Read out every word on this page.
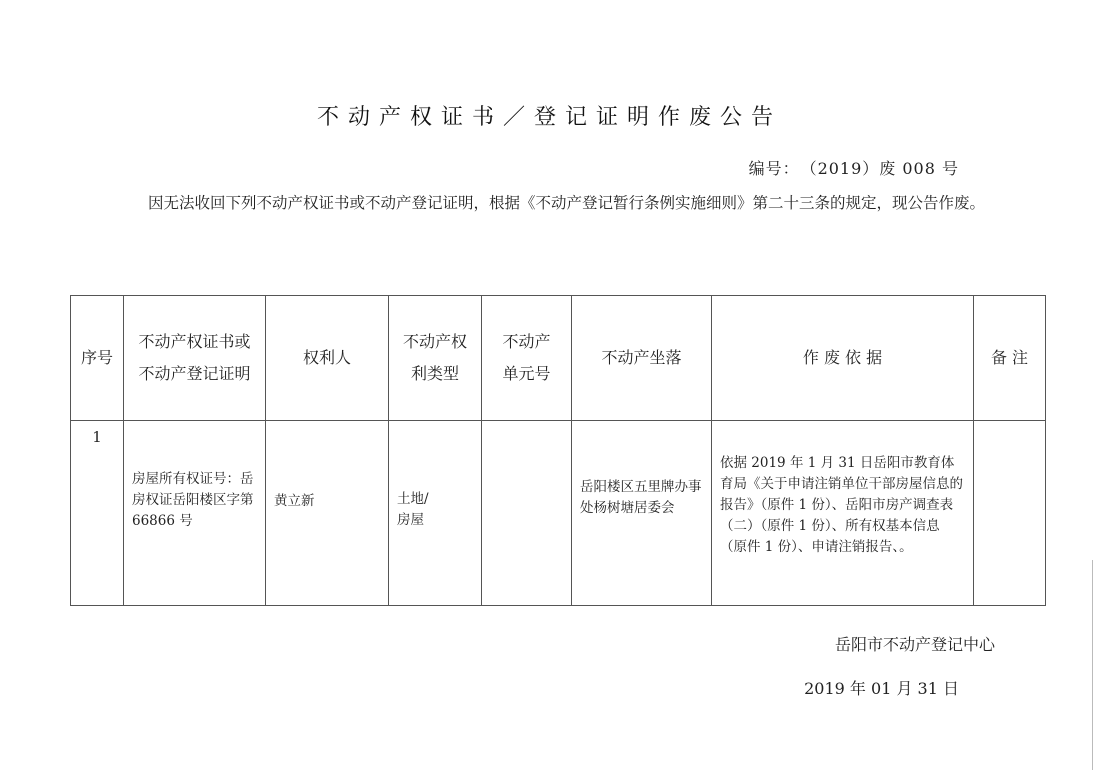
不动产权证书／登记证明作废公告
编号：　（2019）废 008 号

因无法收回下列不动产权证书或不动产登记证明，根据《不动产登记暂行条例实施细则》第二十三条的规定，现公告作废。

序号	不动产权证书或不动产登记证明	权利人	不动产权利类型	不动产单元号	不动产坐落	作 废 依 据	备 注
1	房屋所有权证号：岳房权证岳阳楼区字第 66866 号	黄立新	土地/房屋		岳阳楼区五里牌办事处杨树塘居委会	依据 2019 年 1 月 31 日岳阳市教育体育局《关于申请注销单位干部房屋信息的报告》（原件 1 份）、岳阳市房产调查表（二）（原件 1 份）、所有权基本信息（原件 1 份）、申请注销报告、。	

岳阳市不动产登记中心
2019 年 01 月 31 日
